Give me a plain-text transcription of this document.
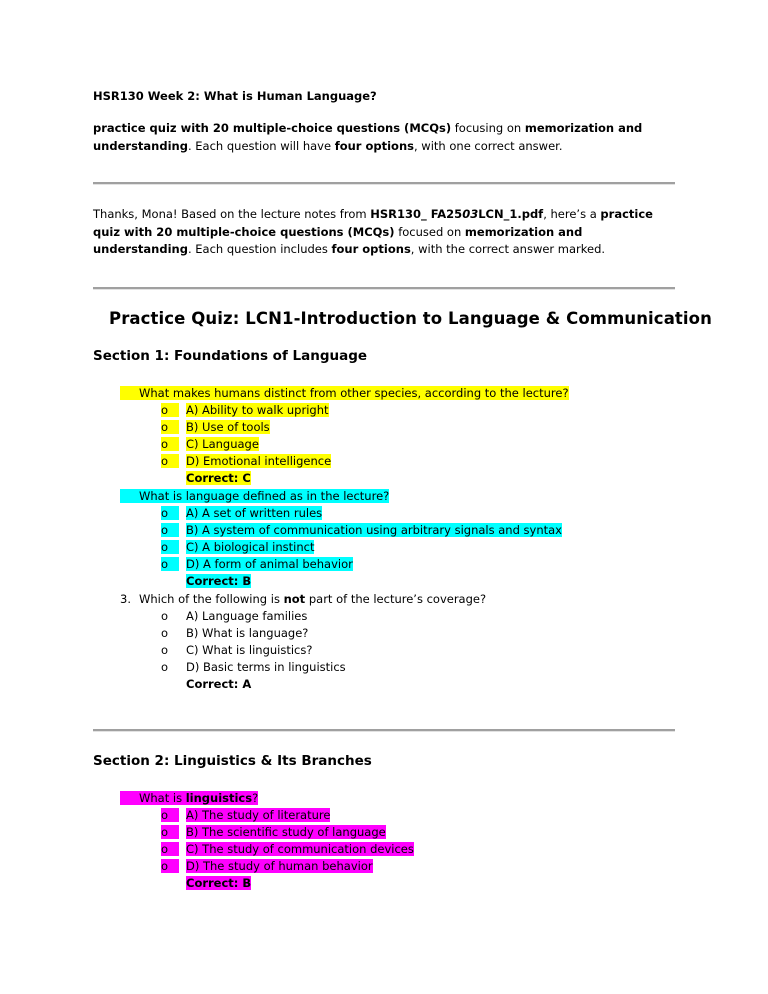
HSR130 Week 2: What is Human Language?
practice quiz with 20 multiple-choice questions (MCQs) focusing on memorization and understanding. Each question will have four options, with one correct answer.
Thanks, Mona! Based on the lecture notes from HSR130_ FA2503LCN_1.pdf, here’s a practice quiz with 20 multiple-choice questions (MCQs) focused on memorization and understanding. Each question includes four options, with the correct answer marked.
Practice Quiz: LCN1-Introduction to Language & Communication
Section 1: Foundations of Language
What makes humans distinct from other species, according to the lecture?
o	A) Ability to walk upright
o	B) Use of tools
o	C) Language
o	D) Emotional intelligence
Correct: C
What is language defined as in the lecture?
o	A) A set of written rules
o	B) A system of communication using arbitrary signals and syntax
o	C) A biological instinct
o	D) A form of animal behavior
Correct: B
3. Which of the following is not part of the lecture’s coverage?
o A) Language families
o B) What is language?
o C) What is linguistics?
o D) Basic terms in linguistics
Correct: A
Section 2: Linguistics & Its Branches
What is linguistics?
o	A) The study of literature
o	B) The scientific study of language
o	C) The study of communication devices
o	D) The study of human behavior
Correct: B
